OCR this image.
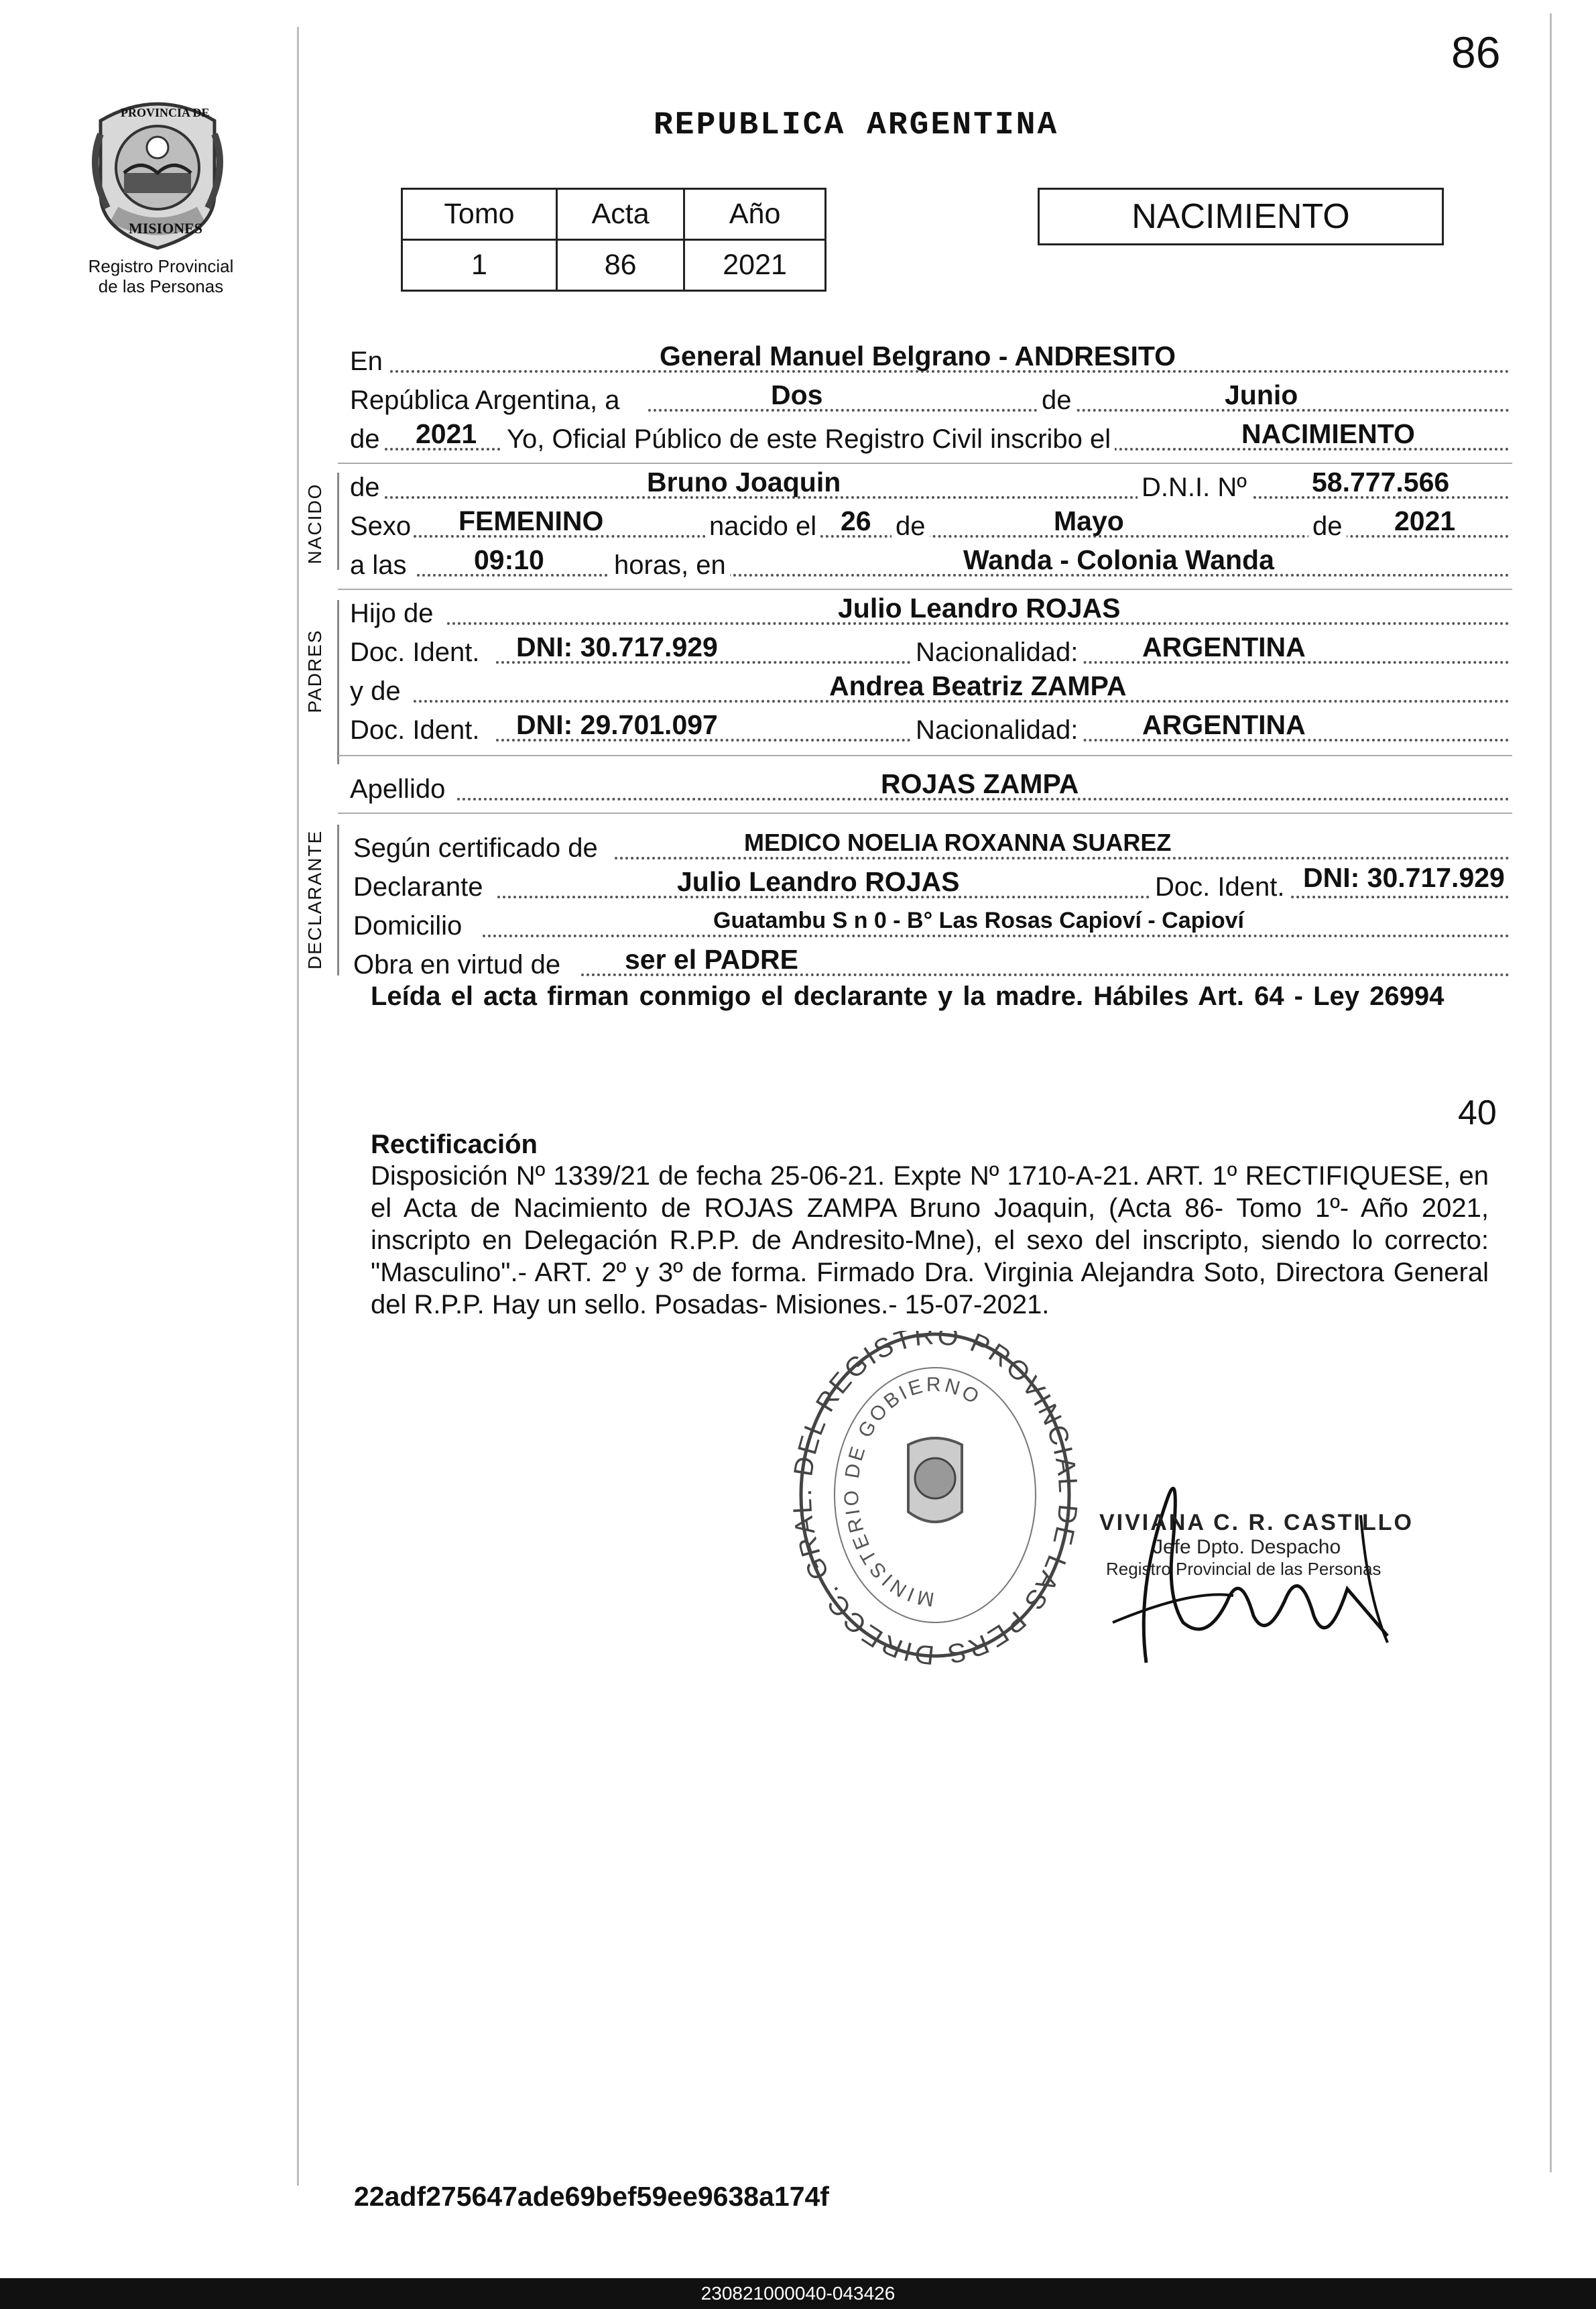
86
PROVINCIA DE
MISIONES
Registro Provincial
de las Personas
REPUBLICA ARGENTINA
Tomo	Acta	Año
1	86	2021
NACIMIENTO
En	General Manuel Belgrano - ANDRESITO
República Argentina, a	Dos	de	Junio
de 2021 Yo, Oficial Público de este Registro Civil inscribo el	NACIMIENTO
NACIDO de	Bruno Joaquin	D.N.I. Nº 58.777.566
Sexo FEMENINO	nacido el 26 de	Mayo	de 2021
a las 09:10	horas, en	Wanda - Colonia Wanda
PADRES
Hijo de	Julio Leandro ROJAS
Doc. Ident. DNI: 30.717.929	Nacionalidad: ARGENTINA
y de	Andrea Beatriz ZAMPA
Doc. Ident. DNI: 29.701.097	Nacionalidad: ARGENTINA
Apellido	ROJAS ZAMPA
DECLARANTE Según certificado de	MEDICO NOELIA ROXANNA SUAREZ
Declarante	Julio Leandro ROJAS	Doc. Ident. DNI: 30.717.929
Domicilio	Guatambu S n 0 - B° Las Rosas Capioví - Capioví
Obra en virtud de ser el PADRE
Leída el acta firman conmigo el declarante y la madre. Hábiles Art. 64 - Ley 26994
40
Rectificación
Disposición Nº 1339/21 de fecha 25-06-21. Expte Nº 1710-A-21. ART. 1º RECTIFIQUESE, en el Acta de Nacimiento de ROJAS ZAMPA Bruno Joaquin, (Acta 86- Tomo 1º- Año 2021, inscripto en Delegación R.P.P. de Andresito-Mne), el sexo del inscripto, siendo lo correcto: "Masculino".- ART. 2º y 3º de forma. Firmado Dra. Virginia Alejandra Soto, Directora General del R.P.P. Hay un sello. Posadas- Misiones.- 15-07-2021.
DIRECC. GRA DEL REGISTRO PROVINCIA E LAS PERS
MINISTERIO DE GOBIERNO
VIVIANA C. R. CASTILLO
Jefe Dpto. Despacho
Registro Provincial de las Personas
22adf275647ade69bef59ee9638a174f
230821000040-043426
